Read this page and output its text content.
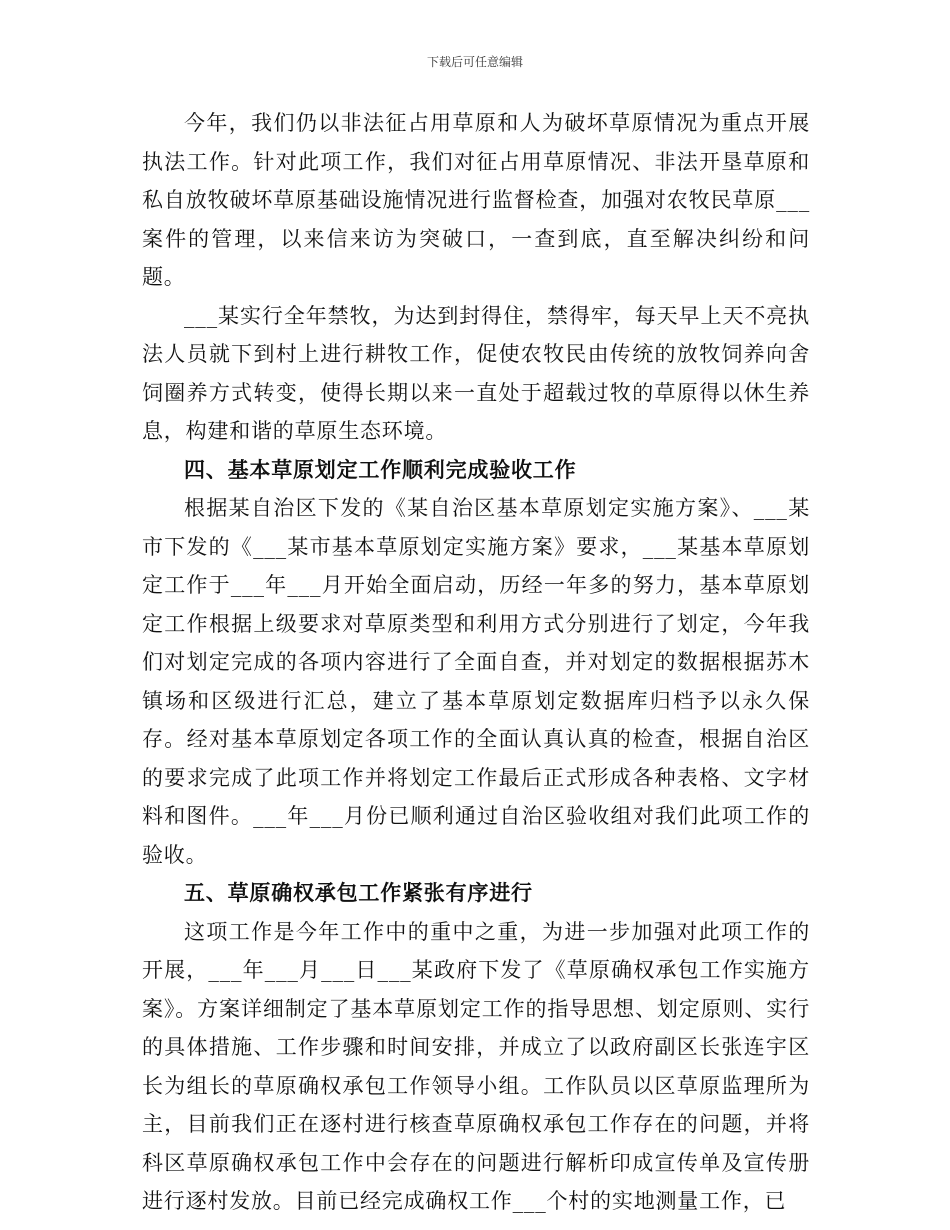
下载后可任意编辑

今年，我们仍以非法征占用草原和人为破坏草原情况为重点开展执法工作。针对此项工作，我们对征占用草原情况、非法开垦草原和私自放牧破坏草原基础设施情况进行监督检查，加强对农牧民草原___案件的管理，以来信来访为突破口，一查到底，直至解决纠纷和问题。

___某实行全年禁牧，为达到封得住，禁得牢，每天早上天不亮执法人员就下到村上进行耕牧工作，促使农牧民由传统的放牧饲养向舍饲圈养方式转变，使得长期以来一直处于超载过牧的草原得以休生养息，构建和谐的草原生态环境。

四、基本草原划定工作顺利完成验收工作

根据某自治区下发的《某自治区基本草原划定实施方案》、___某市下发的《___某市基本草原划定实施方案》要求，___某基本草原划定工作于___年___月开始全面启动，历经一年多的努力，基本草原划定工作根据上级要求对草原类型和利用方式分别进行了划定，今年我们对划定完成的各项内容进行了全面自查，并对划定的数据根据苏木镇场和区级进行汇总，建立了基本草原划定数据库归档予以永久保存。经对基本草原划定各项工作的全面认真认真的检查，根据自治区的要求完成了此项工作并将划定工作最后正式形成各种表格、文字材料和图件。___年___月份已顺利通过自治区验收组对我们此项工作的验收。

五、草原确权承包工作紧张有序进行

这项工作是今年工作中的重中之重，为进一步加强对此项工作的开展，___年___月___日___某政府下发了《草原确权承包工作实施方案》。方案详细制定了基本草原划定工作的指导思想、划定原则、实行的具体措施、工作步骤和时间安排，并成立了以政府副区长张连宇区长为组长的草原确权承包工作领导小组。工作队员以区草原监理所为主，目前我们正在逐村进行核查草原确权承包工作存在的问题，并将科区草原确权承包工作中会存在的问题进行解析印成宣传单及宣传册进行逐村发放。目前已经完成确权工作___个村的实地测量工作，已
